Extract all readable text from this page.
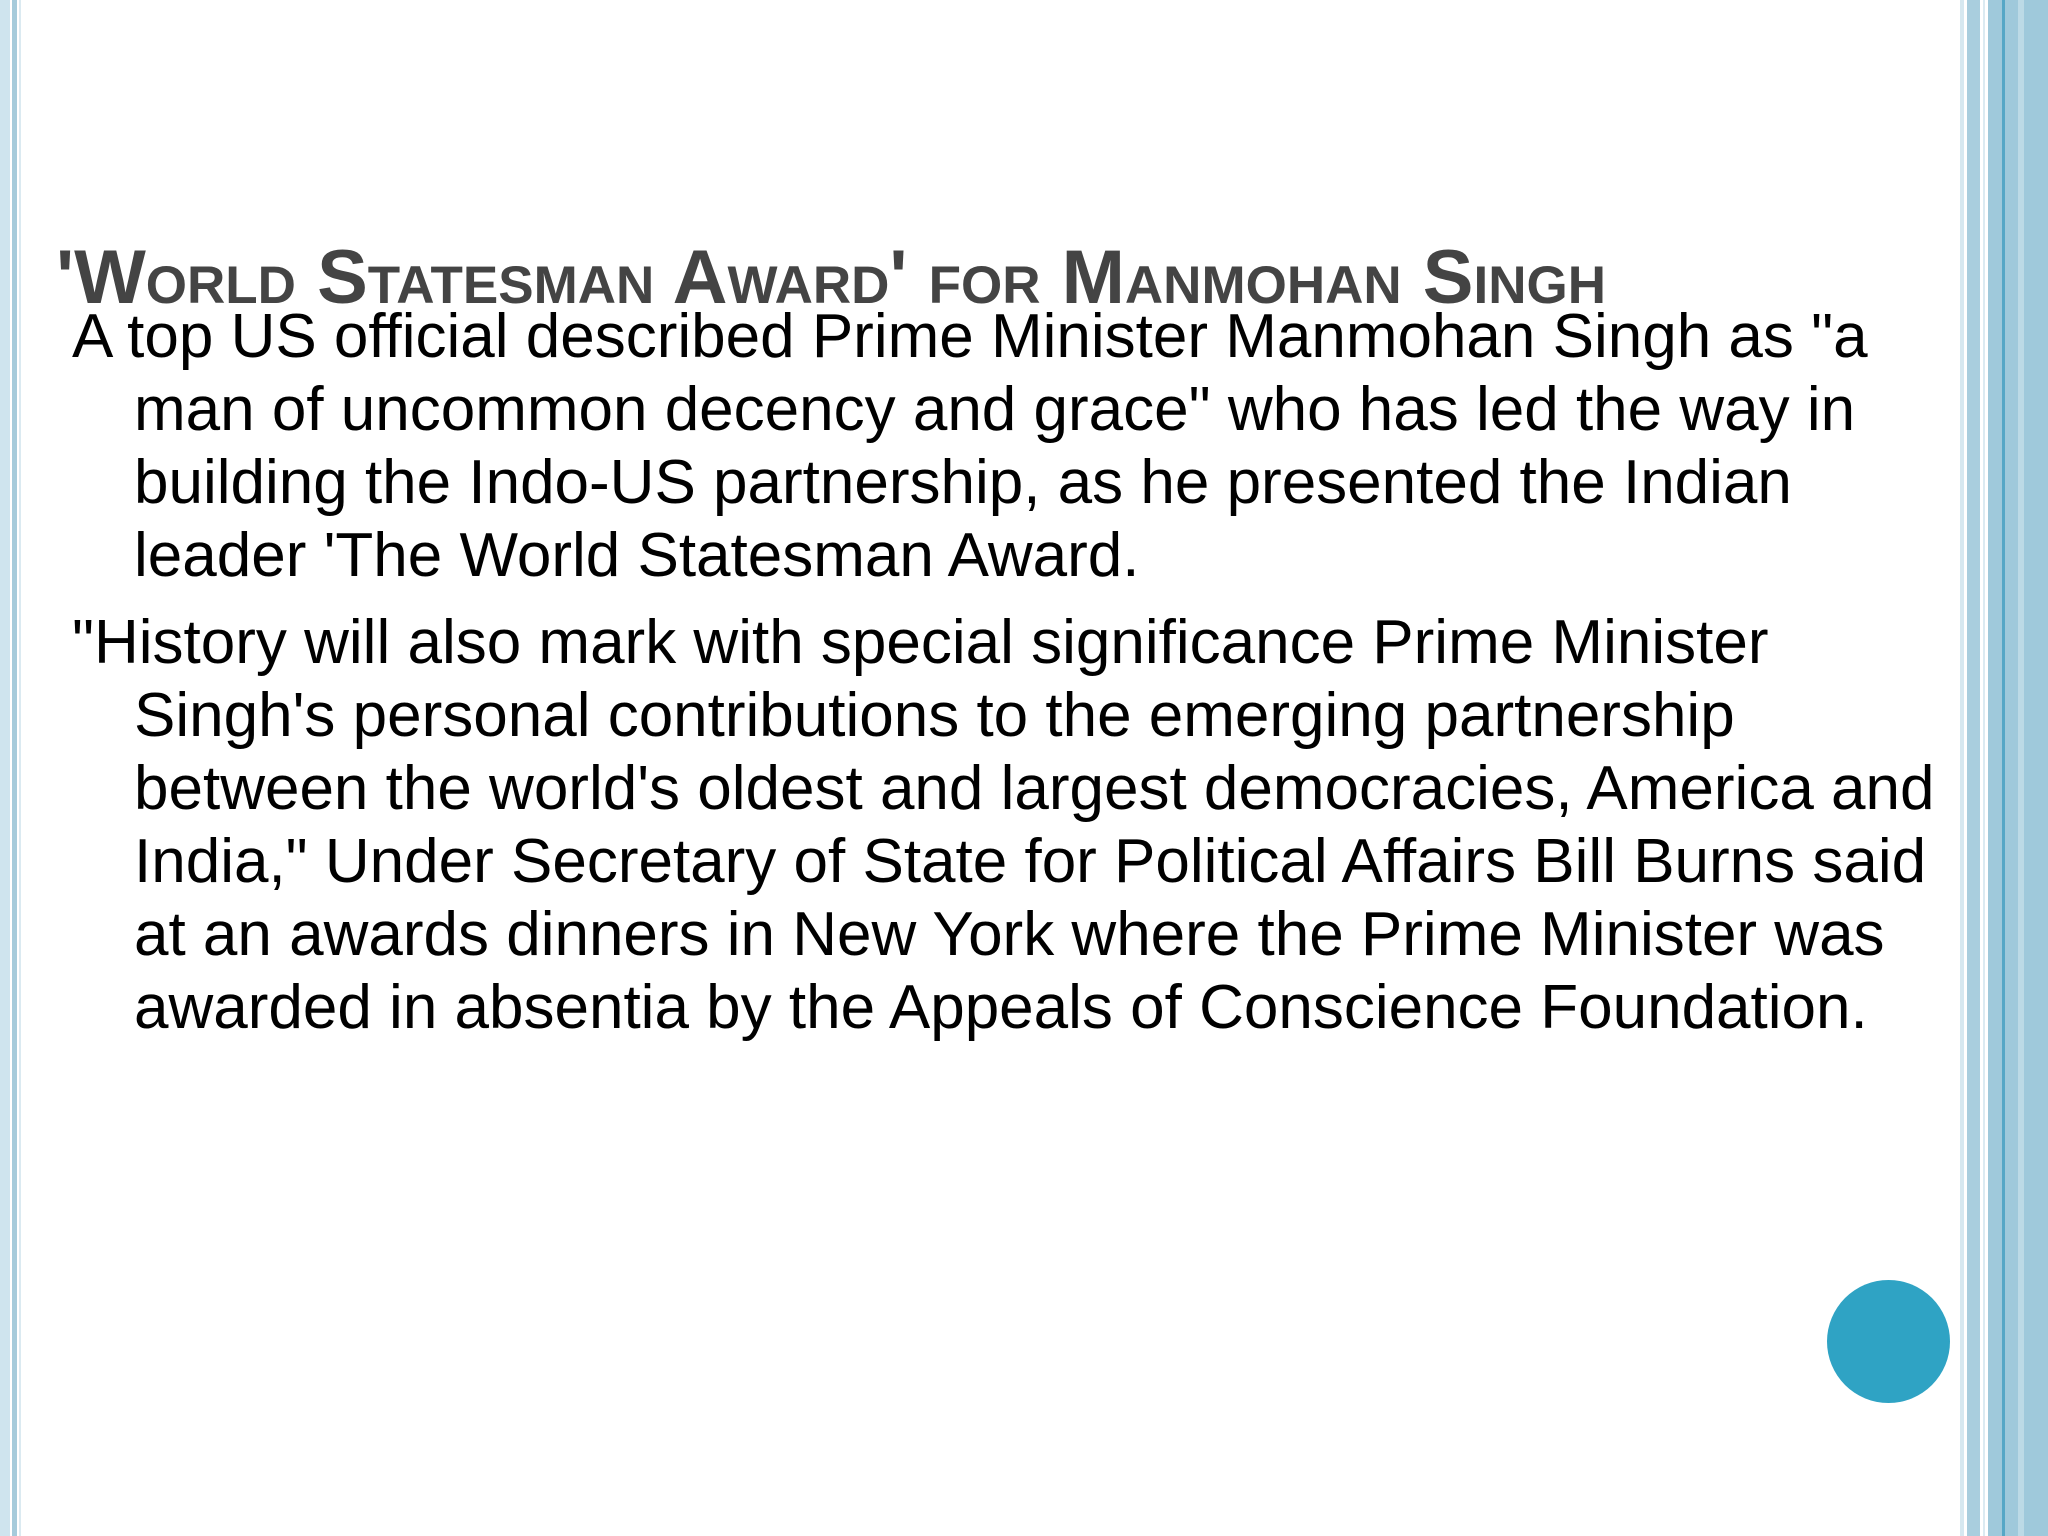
'World Statesman Award' for Manmohan Singh

A top US official described Prime Minister Manmohan Singh as "a man of uncommon decency and grace" who has led the way in building the Indo-US partnership, as he presented the Indian leader 'The World Statesman Award.

"History will also mark with special significance Prime Minister Singh's personal contributions to the emerging partnership between the world's oldest and largest democracies, America and India," Under Secretary of State for Political Affairs Bill Burns said at an awards dinners in New York where the Prime Minister was awarded in absentia by the Appeals of Conscience Foundation.
